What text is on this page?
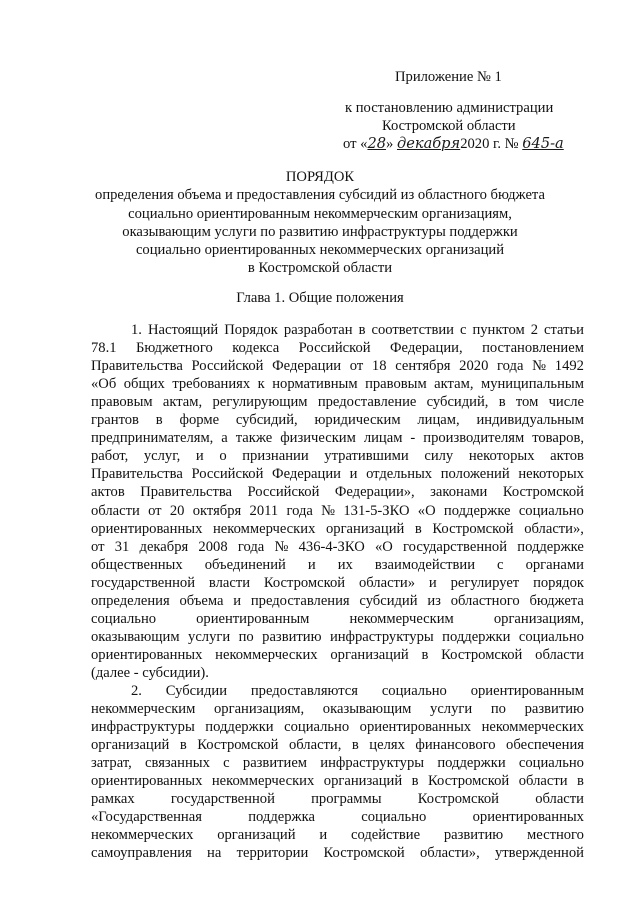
Приложение № 1
к постановлению администрации
Костромской области
от «28» декабря2020 г. № 645-а
ПОРЯДОК
определения объема и предоставления субсидий из областного бюджета
социально ориентированным некоммерческим организациям,
оказывающим услуги по развитию инфраструктуры поддержки
социально ориентированных некоммерческих организаций
в Костромской области
Глава 1. Общие положения
1. Настоящий Порядок разработан в соответствии с пунктом 2 статьи
78.1 Бюджетного кодекса Российской Федерации, постановлением
Правительства Российской Федерации от 18 сентября 2020 года № 1492
«Об общих требованиях к нормативным правовым актам, муниципальным
правовым актам, регулирующим предоставление субсидий, в том числе
грантов в форме субсидий, юридическим лицам, индивидуальным
предпринимателям, а также физическим лицам - производителям товаров,
работ, услуг, и о признании утратившими силу некоторых актов
Правительства Российской Федерации и отдельных положений некоторых
актов Правительства Российской Федерации», законами Костромской
области от 20 октября 2011 года № 131-5-ЗКО «О поддержке социально
ориентированных некоммерческих организаций в Костромской области»,
от 31 декабря 2008 года № 436-4-ЗКО «О государственной поддержке
общественных объединений и их взаимодействии с органами
государственной власти Костромской области» и регулирует порядок
определения объема и предоставления субсидий из областного бюджета
социально	ориентированным	некоммерческим	организациям,
оказывающим услуги по развитию инфраструктуры поддержки социально
ориентированных некоммерческих организаций в Костромской области
(далее - субсидии).
2. Субсидии предоставляются социально ориентированным
некоммерческим организациям, оказывающим услуги по развитию
инфраструктуры поддержки социально ориентированных некоммерческих
организаций в Костромской области, в целях финансового обеспечения
затрат, связанных с развитием инфраструктуры поддержки социально
ориентированных некоммерческих организаций в Костромской области в
рамках государственной программы Костромской области
«Государственная	поддержка	социально	ориентированных
некоммерческих организаций и содействие развитию местного
самоуправления на территории Костромской области», утвержденной
